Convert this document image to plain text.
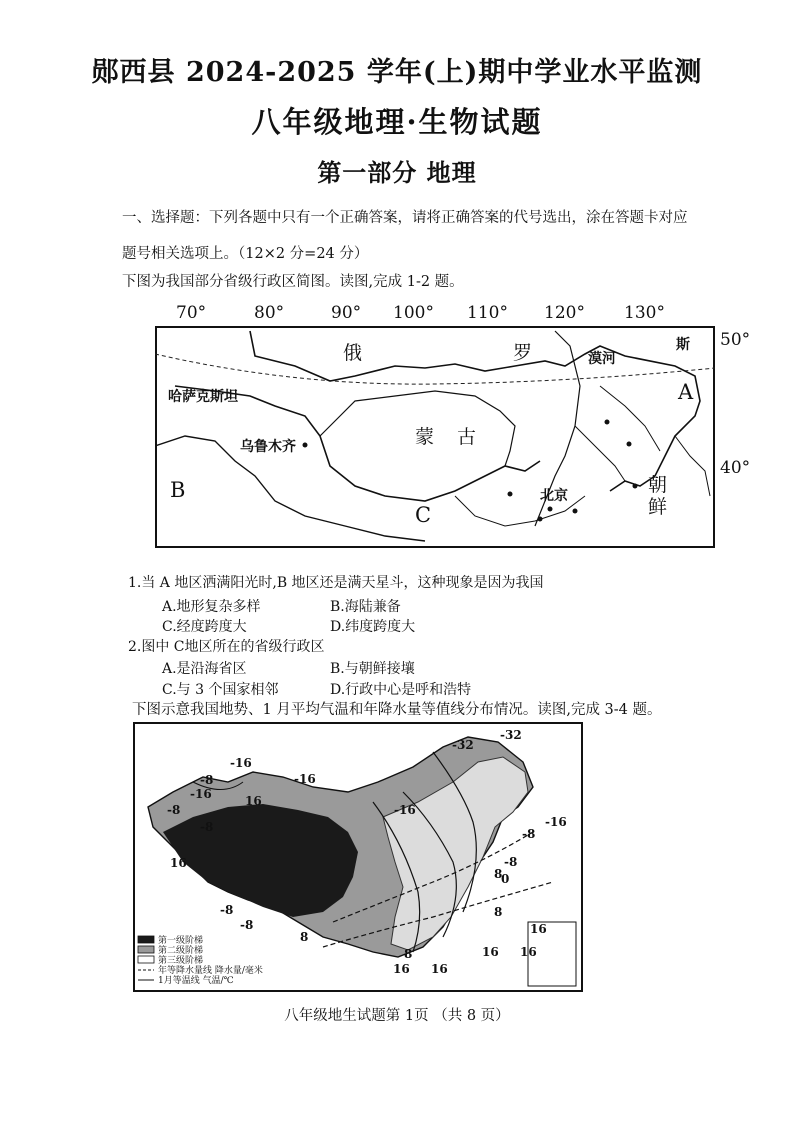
郧西县 2024-2025 学年(上)期中学业水平监测
八年级地理·生物试题
第一部分 地理
一、选择题：下列各题中只有一个正确答案，请将正确答案的代号选出，涂在答题卡对应
题号相关选项上。（12×2 分=24 分）
下图为我国部分省级行政区简图。读图,完成 1-2 题。
70°	80°	90° 100° 110° 120° 130°
50°
40°
俄	罗	斯
漠河
哈萨克斯坦
乌鲁木齐	蒙 古
北京	朝
鲜
A
B
C
1.当 A 地区洒满阳光时,B 地区还是满天星斗，这种现象是因为我国
A.地形复杂多样	B.海陆兼备
C.经度跨度大	D.纬度跨度大
2.图中 C地区所在的省级行政区
A.是沿海省区	B.与朝鲜接壤
C.与 3 个国家相邻	D.行政中心是呼和浩特
下图示意我国地势、1 月平均气温和年降水量等值线分布情况。读图,完成 3-4 题。
-32
-32
-16
-8	-16
-16	16
-8
-8
-16
-16
-8
-8
8
16
-8
-8
0
8
8
16
16 16
8
16 16
第一级阶梯
第二级阶梯
第三级阶梯
年等降水量线 降水量/毫米
1月等温线 气温/℃
八年级地生试题第 1页 （共 8 页）
